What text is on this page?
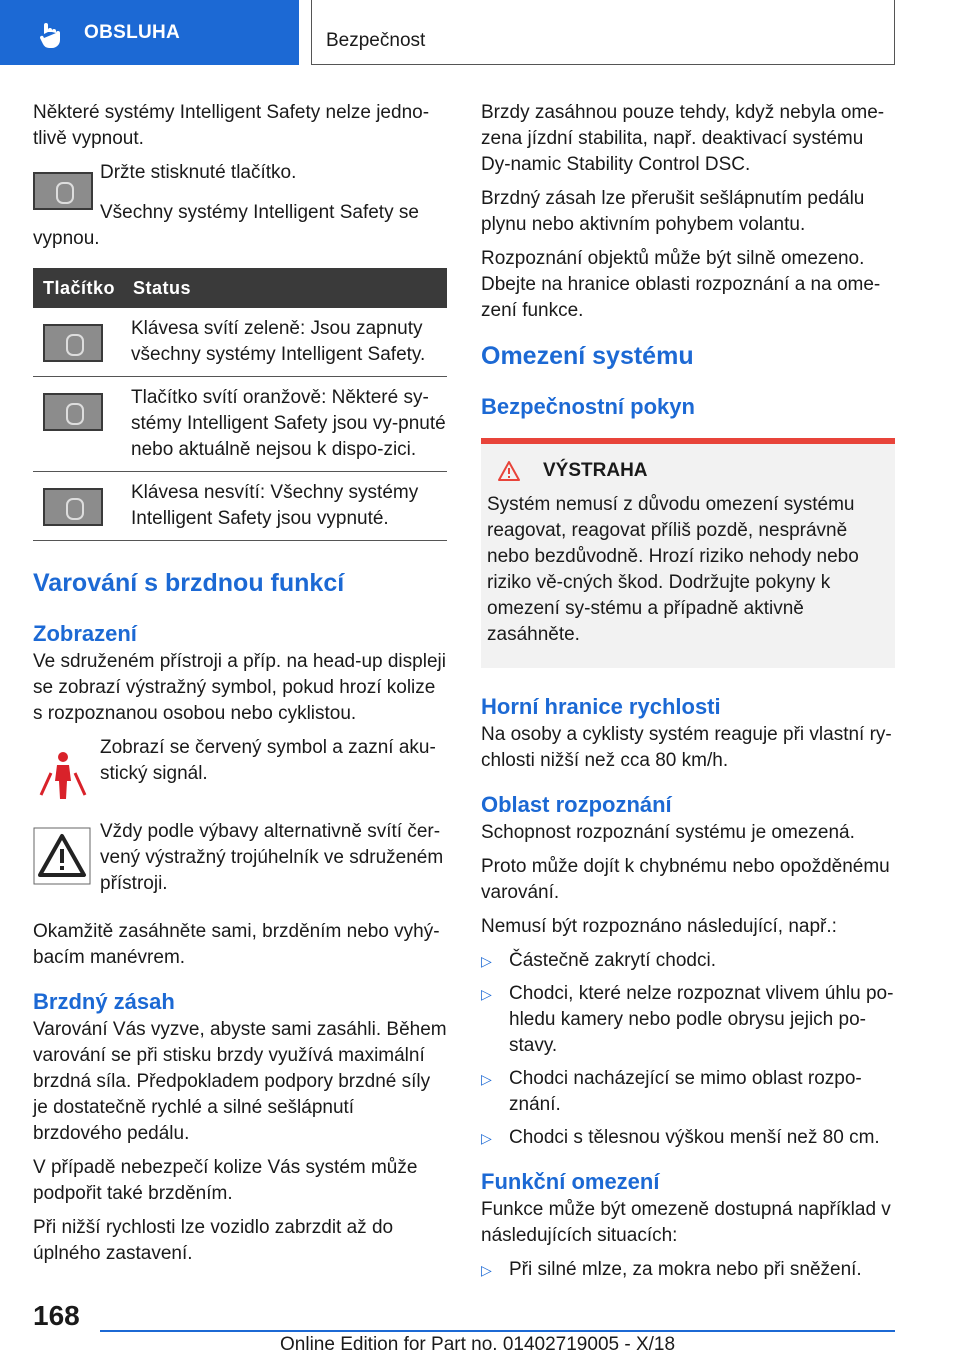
OBSLUHA	Bezpečnost

Některé systémy Intelligent Safety nelze jedno-tlivě vypnout.

Držte stisknuté tlačítko.

Všechny systémy Intelligent Safety se vypnou.

Tlačítko	Status
	Klávesa svítí zeleně: Jsou zapnuty všechny systémy Intelligent Safety.
	Tlačítko svítí oranžově: Některé sy-stémy Intelligent Safety jsou vy-pnuté nebo aktuálně nejsou k dispo-zici.
	Klávesa nesvítí: Všechny systémy Intelligent Safety jsou vypnuté.
Varování s brzdnou funkcí
Zobrazení

Ve sdruženém přístroji a příp. na head-up displeji se zobrazí výstražný symbol, pokud hrozí kolize s rozpoznanou osobou nebo cyklistou.

Zobrazí se červený symbol a zazní aku-stický signál.

Vždy podle výbavy alternativně svítí čer-vený výstražný trojúhelník ve sdruženém přístroji.

Okamžitě zasáhněte sami, brzděním nebo vyhý-bacím manévrem.

Brzdný zásah

Varování Vás vyzve, abyste sami zasáhli. Během varování se při stisku brzdy využívá maximální brzdná síla. Předpokladem podpory brzdné síly je dostatečně rychlé a silné sešlápnutí brzdového pedálu.

V případě nebezpečí kolize Vás systém může podpořit také brzděním.

Při nižší rychlosti lze vozidlo zabrzdit až do úplného zastavení.

Brzdy zasáhnou pouze tehdy, když nebyla ome-zena jízdní stabilita, např. deaktivací systému Dy-namic Stability Control DSC.

Brzdný zásah lze přerušit sešlápnutím pedálu plynu nebo aktivním pohybem volantu.

Rozpoznání objektů může být silně omezeno. Dbejte na hranice oblasti rozpoznání a na ome-zení funkce.

Omezení systému
Bezpečnostní pokyn
VÝSTRAHA

Systém nemusí z důvodu omezení systému reagovat, reagovat příliš pozdě, nesprávně nebo bezdůvodně. Hrozí riziko nehody nebo riziko vě-cných škod. Dodržujte pokyny k omezení sy-stému a případně aktivně zasáhněte.

Horní hranice rychlosti

Na osoby a cyklisty systém reaguje při vlastní ry-chlosti nižší než cca 80 km/h.

Oblast rozpoznání

Schopnost rozpoznání systému je omezená.

Proto může dojít k chybnému nebo opožděnému varování.

Nemusí být rozpoznáno následující, např.:

▷ Částečně zakrytí chodci.
▷ Chodci, které nelze rozpoznat vlivem úhlu po-hledu kamery nebo podle obrysu jejich po-stavy.
▷ Chodci nacházející se mimo oblast rozpo-znání.
▷ Chodci s tělesnou výškou menší než 80 cm.
Funkční omezení

Funkce může být omezeně dostupná například v následujících situacích:

▷ Při silné mlze, za mokra nebo při sněžení.
168
Online Edition for Part no. 01402719005 - X/18
